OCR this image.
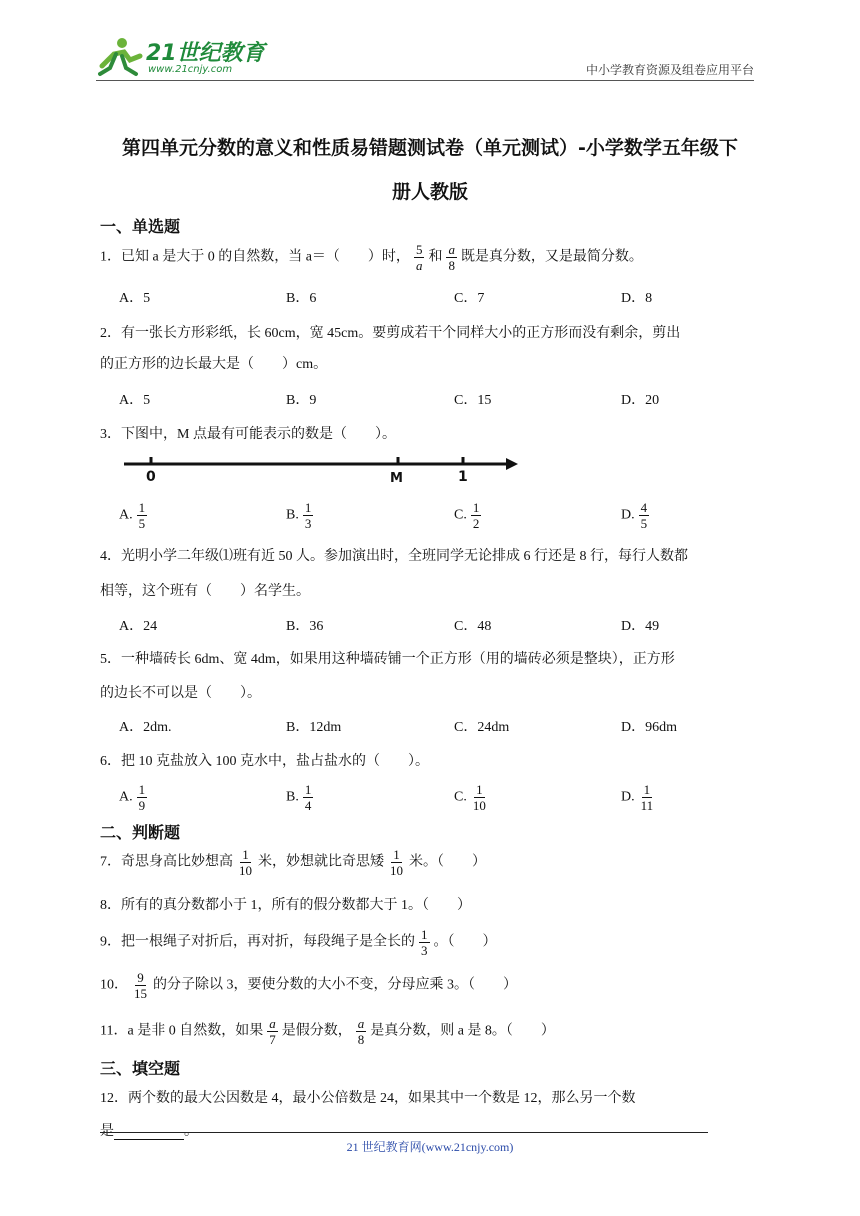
21世纪教育
www.21cnjy.com	中小学教育资源及组卷应用平台
第四单元分数的意义和性质易错题测试卷（单元测试）-小学数学五年级下
册人教版
一、单选题
1．已知 a 是大于 0 的自然数，当 a＝（　　）时， $\frac{5}{a}$ 和 $\frac{a}{8}$ 既是真分数，又是最简分数。
A．5	B．6	C．7	D．8
2．有一张长方形彩纸，长 60cm，宽 45cm。要剪成若干个同样大小的正方形而没有剩余，剪出
的正方形的边长最大是（　　）cm。
A．5	B．9	C．15	D．20
3．下图中，M 点最有可能表示的数是（　　）。
0	M	1
A. $\frac{1}{5}$	B. $\frac{1}{3}$	C. $\frac{1}{2}$	D. $\frac{4}{5}$
4．光明小学二年级⑴班有近 50 人。参加演出时，全班同学无论排成 6 行还是 8 行，每行人数都
相等，这个班有（　　）名学生。
A．24	B．36	C．48	D．49
5．一种墙砖长 6dm、宽 4dm，如果用这种墙砖铺一个正方形（用的墙砖必须是整块），正方形
的边长不可以是（　　）。
A．2dm.	B．12dm	C．24dm	D．96dm
6．把 10 克盐放入 100 克水中，盐占盐水的（　　）。
A. $\frac{1}{9}$	B. $\frac{1}{4}$	C. $\frac{1}{10}$	D. $\frac{1}{11}$
二、判断题
7．奇思身高比妙想高 $\frac{1}{10}$ 米，妙想就比奇思矮 $\frac{1}{10}$ 米。（　　）
8．所有的真分数都小于 1，所有的假分数都大于 1。（　　）
9．把一根绳子对折后，再对折，每段绳子是全长的 $\frac{1}{3}$ 。（　　）
10． $\frac{9}{15}$ 的分子除以 3，要使分数的大小不变，分母应乘 3。（　　）
11．a 是非 0 自然数，如果 $\frac{a}{7}$ 是假分数， $\frac{a}{8}$ 是真分数，则 a 是 8。（　　）
三、填空题
12．两个数的最大公因数是 4，最小公倍数是 24，如果其中一个数是 12，那么另一个数
是	。
21 世纪教育网(www.21cnjy.com)
